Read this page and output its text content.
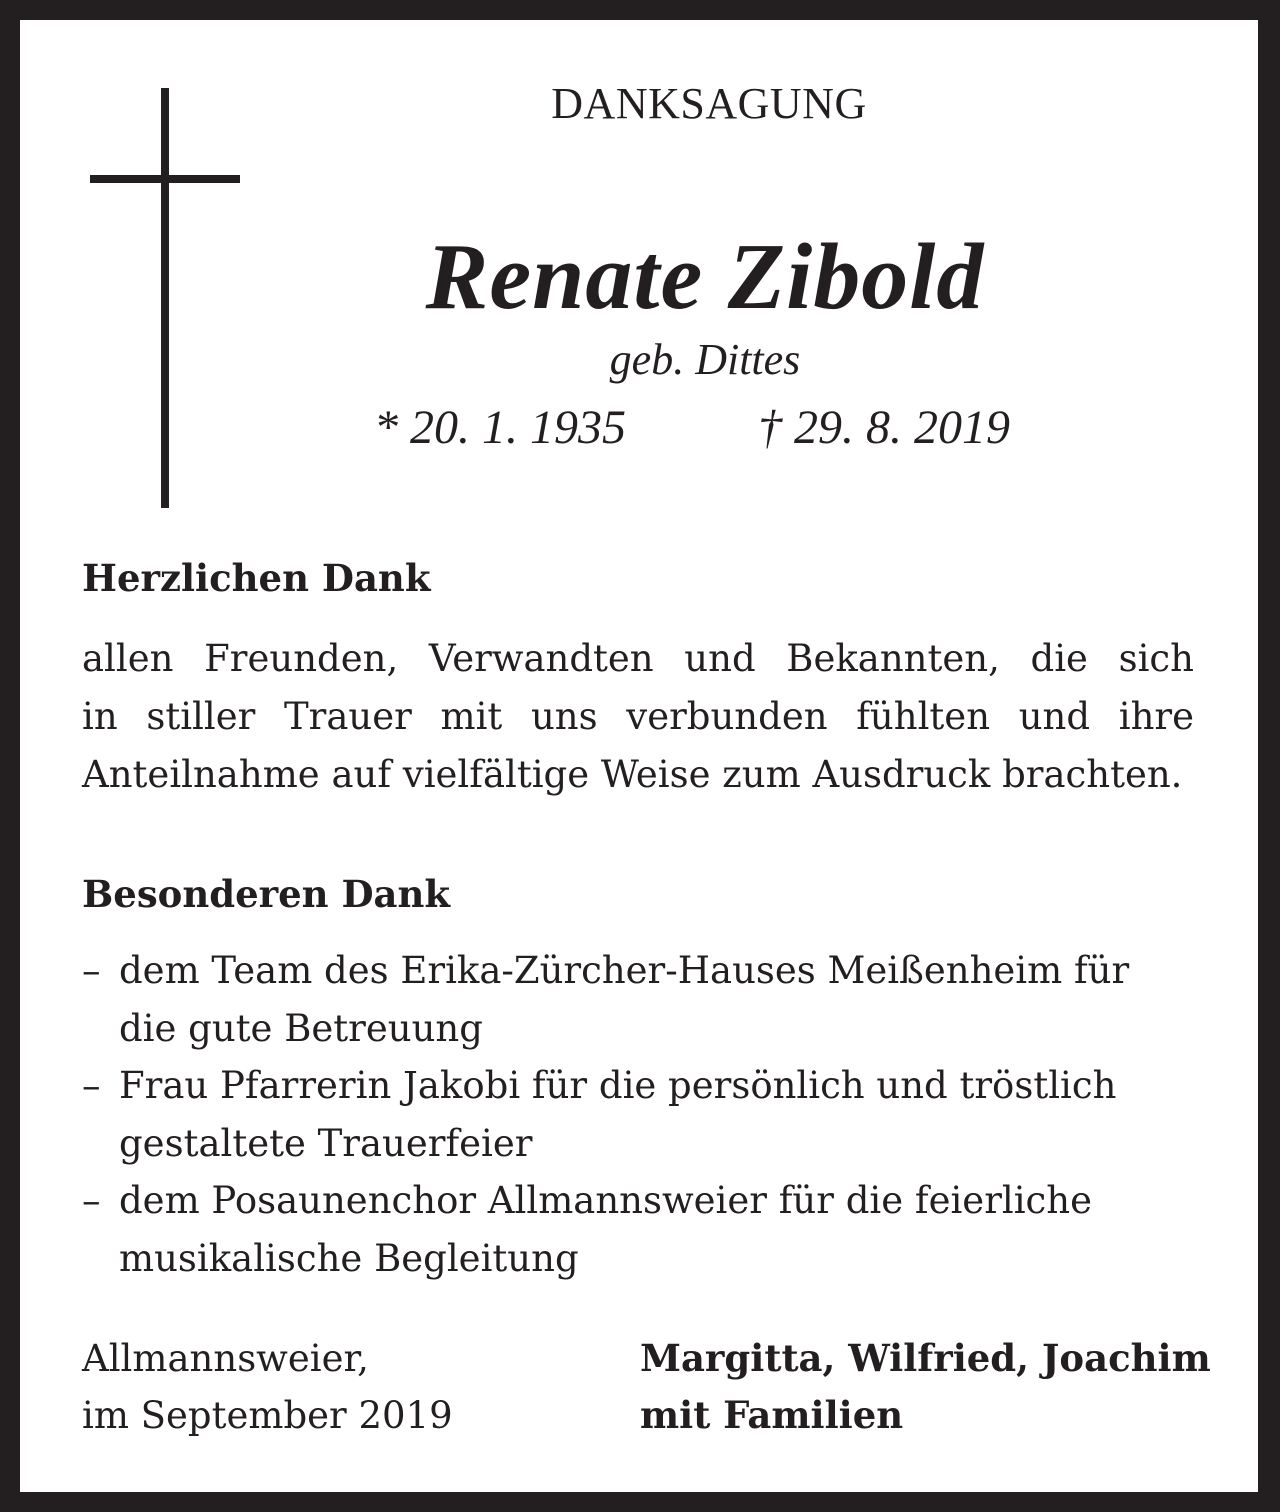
DANKSAGUNG
Renate Zibold
geb. Dittes
* 20. 1. 1935	† 29. 8. 2019
Herzlichen Dank
allen Freunden, Verwandten und Bekannten, die sich
in stiller Trauer mit uns verbunden fühlten und ihre
Anteilnahme auf vielfältige Weise zum Ausdruck brachten.
Besonderen Dank
– dem Team des Erika-Zürcher-Hauses Meißenheim für
die gute Betreuung
– Frau Pfarrerin Jakobi für die persönlich und tröstlich
gestaltete Trauerfeier
– dem Posaunenchor Allmannsweier für die feierliche
musikalische Begleitung
Allmannsweier,
im September 2019
Margitta, Wilfried, Joachim
mit Familien
